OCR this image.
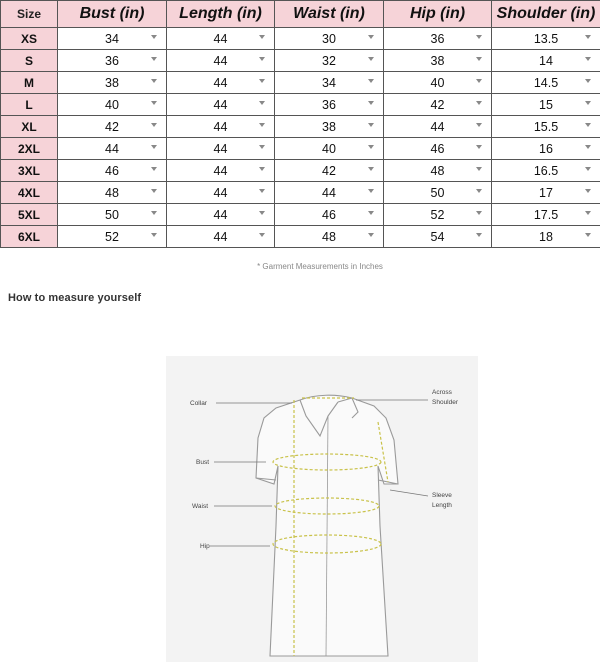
Size	Bust (in)	Length (in)	Waist (in)	Hip (in)	Shoulder (in)
XS	34	44	30	36	13.5

S	36	44	32	38	14

M	38	44	34	40	14.5

L	40	44	36	42	15

XL	42	44	38	44	15.5

2XL	44	44	40	46	16

3XL	46	44	42	48	16.5

4XL	48	44	44	50	17

5XL	50	44	46	52	17.5

6XL	52	44	48	54	18
* Garment Measurements in Inches
How to measure yourself
Collar
Across
Shoulder
Bust
Waist
Hip
Sleeve
Length
